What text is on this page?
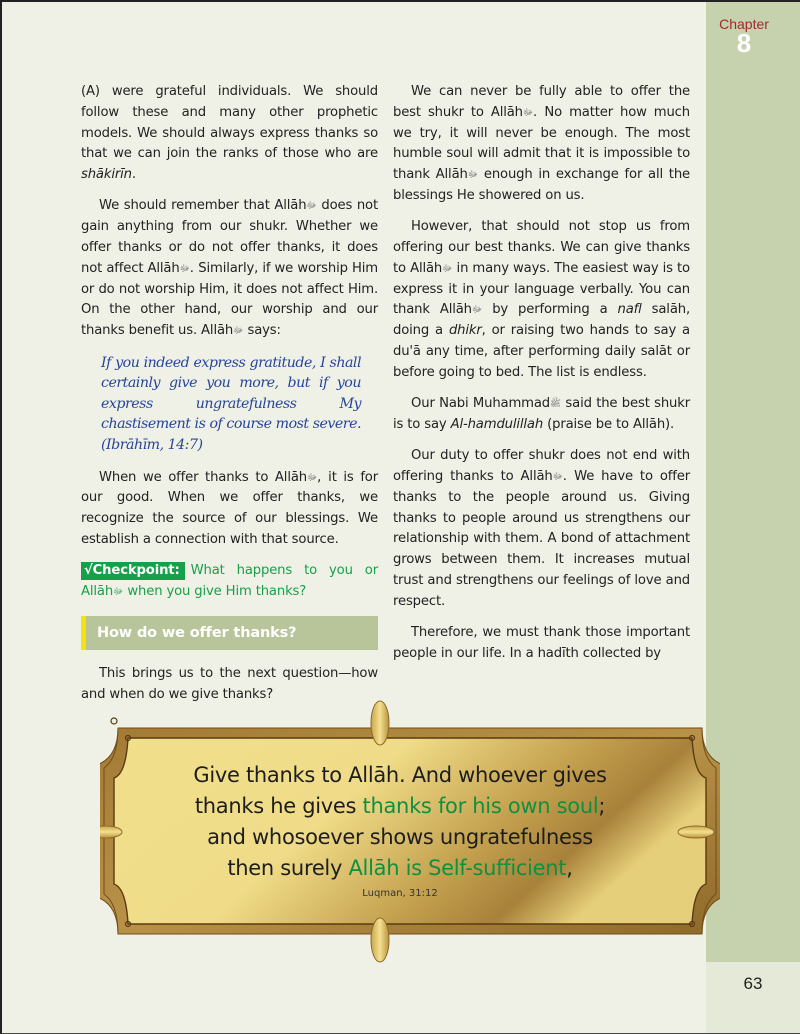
Chapter
8
63

(A) were grateful individuals. We should follow these and many other prophetic models. We should always express thanks so that we can join the ranks of those who are shākirīn.

We should remember that Allāhﷻ does not gain anything from our shukr. Whether we offer thanks or do not offer thanks, it does not affect Allāhﷻ. Similarly, if we worship Him or do not worship Him, it does not affect Him. On the other hand, our worship and our thanks benefit us. Allāhﷻ says:

If you indeed express gratitude, I shall certainly give you more, but if you express ungratefulness My chastisement is of course most severe. (Ibrāhīm, 14:7)

When we offer thanks to Allāhﷻ, it is for our good. When we offer thanks, we recognize the source of our blessings. We establish a connection with that source.

√Checkpoint: What happens to you or Allāhﷻ when you give Him thanks?
How do we offer thanks?

This brings us to the next question—how and when do we give thanks?

We can never be fully able to offer the best shukr to Allāhﷻ. No matter how much we try, it will never be enough. The most humble soul will admit that it is impossible to thank Allāhﷻ enough in exchange for all the blessings He showered on us.

However, that should not stop us from offering our best thanks. We can give thanks to Allāhﷻ in many ways. The easiest way is to express it in your language verbally. You can thank Allāhﷻ by performing a nafl salāh, doing a dhikr, or raising two hands to say a du'ā any time, after performing daily salāt or before going to bed. The list is endless.

Our Nabi Muhammadﷺ said the best shukr is to say Al-hamdulillah (praise be to Allāh).

Our duty to offer shukr does not end with offering thanks to Allāhﷻ. We have to offer thanks to the people around us. Giving thanks to people around us strengthens our relationship with them. A bond of attachment grows between them. It increases mutual trust and strengthens our feelings of love and respect.

Therefore, we must thank those important people in our life. In a hadīth collected by

Give thanks to Allāh. And whoever gives
thanks he gives thanks for his own soul;
and whosoever shows ungratefulness
then surely Allāh is Self-sufficient,
Luqman, 31:12
